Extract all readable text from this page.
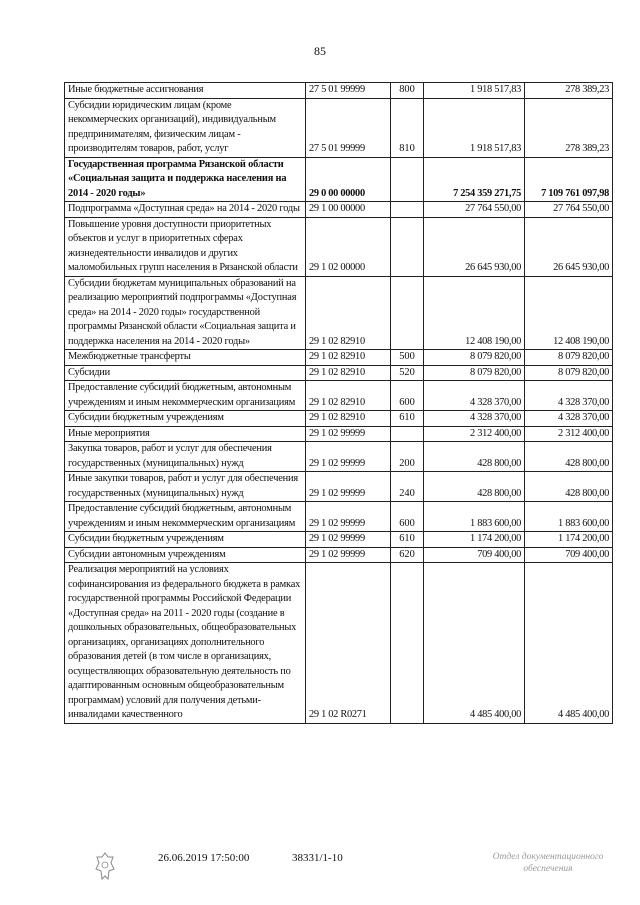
85
Иные бюджетные ассигнования	27 5 01 99999	800	1 918 517,83	278 389,23
Субсидии юридическим лицам (кроме некоммерческих организаций), индивидуальным предпринимателям, физическим лицам - производителям товаров, работ, услуг	27 5 01 99999	810	1 918 517,83	278 389,23
Государственная программа Рязанской области «Социальная защита и поддержка населения на 2014 - 2020 годы»	29 0 00 00000		7 254 359 271,75	7 109 761 097,98
Подпрограмма «Доступная среда» на 2014 - 2020 годы	29 1 00 00000		27 764 550,00	27 764 550,00
Повышение уровня доступности приоритетных объектов и услуг в приоритетных сферах жизнедеятельности инвалидов и других маломобильных групп населения в Рязанской области	29 1 02 00000		26 645 930,00	26 645 930,00
Субсидии бюджетам муниципальных образований на реализацию мероприятий подпрограммы «Доступная среда» на 2014 - 2020 годы» государственной программы Рязанской области «Социальная защита и поддержка населения на 2014 - 2020 годы»	29 1 02 82910		12 408 190,00	12 408 190,00
Межбюджетные трансферты	29 1 02 82910	500	8 079 820,00	8 079 820,00
Субсидии	29 1 02 82910	520	8 079 820,00	8 079 820,00
Предоставление субсидий бюджетным, автономным учреждениям и иным некоммерческим организациям	29 1 02 82910	600	4 328 370,00	4 328 370,00
Субсидии бюджетным учреждениям	29 1 02 82910	610	4 328 370,00	4 328 370,00
Иные мероприятия	29 1 02 99999		2 312 400,00	2 312 400,00
Закупка товаров, работ и услуг для обеспечения государственных (муниципальных) нужд	29 1 02 99999	200	428 800,00	428 800,00
Иные закупки товаров, работ и услуг для обеспечения государственных (муниципальных) нужд	29 1 02 99999	240	428 800,00	428 800,00
Предоставление субсидий бюджетным, автономным учреждениям и иным некоммерческим организациям	29 1 02 99999	600	1 883 600,00	1 883 600,00
Субсидии бюджетным учреждениям	29 1 02 99999	610	1 174 200,00	1 174 200,00
Субсидии автономным учреждениям	29 1 02 99999	620	709 400,00	709 400,00
Реализация мероприятий на условиях софинансирования из федерального бюджета в рамках государственной программы Российской Федерации «Доступная среда» на 2011 - 2020 годы (создание в дошкольных образовательных, общеобразовательных организациях, организациях дополнительного образования детей (в том числе в организациях, осуществляющих образовательную деятельность по адаптированным основным общеобразовательным программам) условий для получения детьми-инвалидами качественного	29 1 02 R0271		4 485 400,00	4 485 400,00
26.06.2019 17:50:00	38331/1-10	Отдел документационного обеспечения
